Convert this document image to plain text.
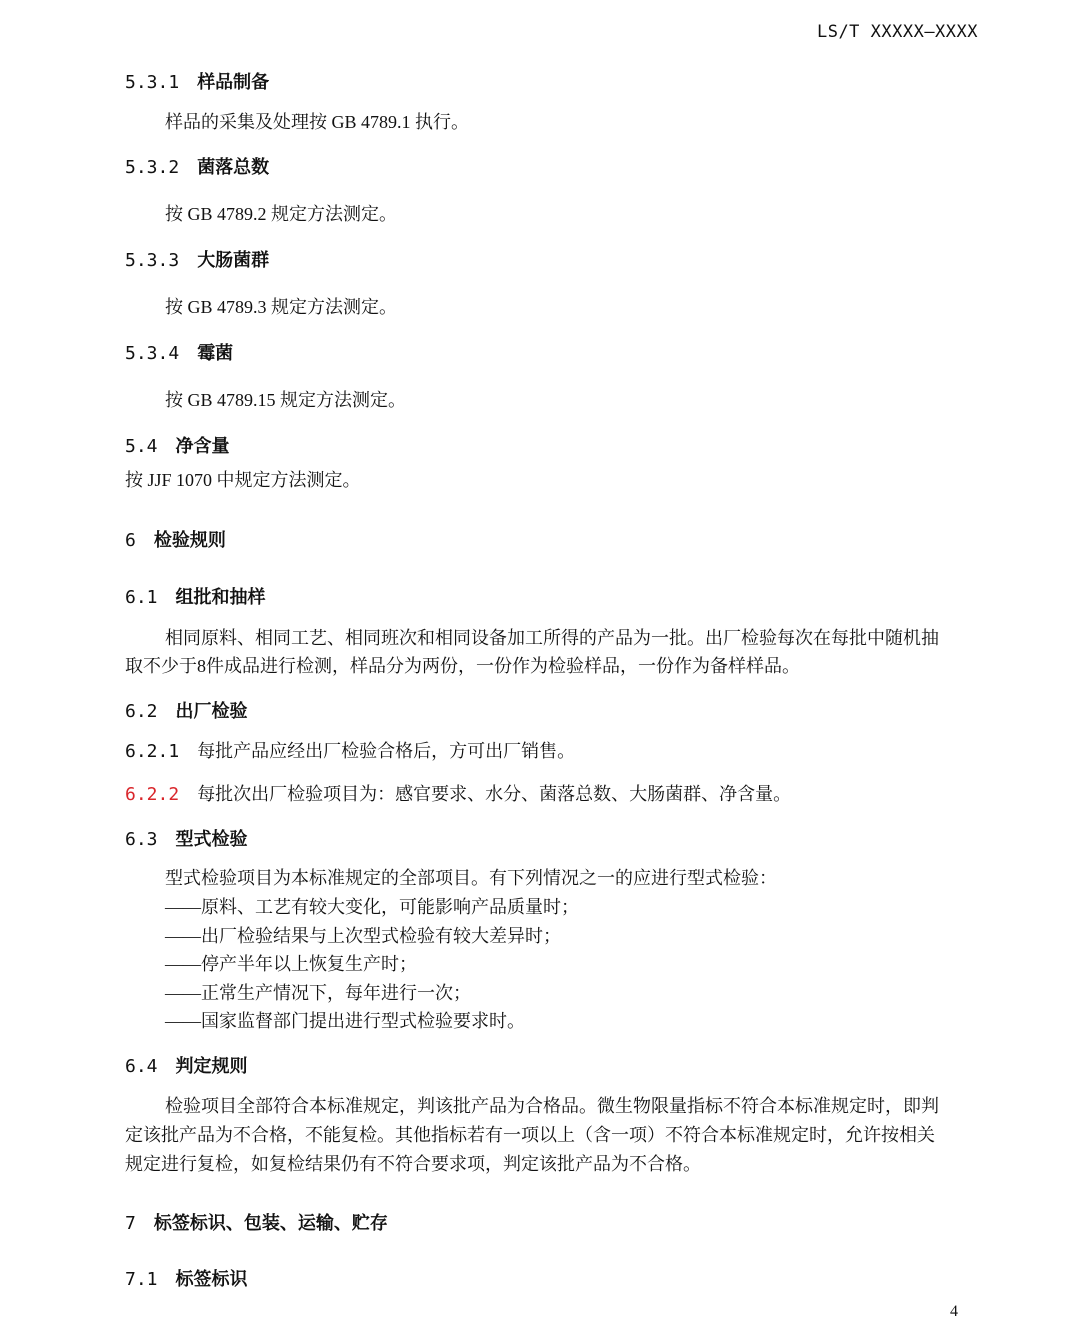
LS/T XXXXX—XXXX
5.3.1 样品制备
样品的采集及处理按 GB 4789.1 执行。
5.3.2 菌落总数
按 GB 4789.2 规定方法测定。
5.3.3 大肠菌群
按 GB 4789.3 规定方法测定。
5.3.4 霉菌
按 GB 4789.15 规定方法测定。
5.4 净含量
按 JJF 1070 中规定方法测定。
6 检验规则
6.1 组批和抽样
相同原料、相同工艺、相同班次和相同设备加工所得的产品为一批。出厂检验每次在每批中随机抽
取不少于8件成品进行检测，样品分为两份，一份作为检验样品，一份作为备样样品。
6.2 出厂检验
6.2.1 每批产品应经出厂检验合格后，方可出厂销售。
6.2.2 每批次出厂检验项目为：感官要求、水分、菌落总数、大肠菌群、净含量。
6.3 型式检验
型式检验项目为本标准规定的全部项目。有下列情况之一的应进行型式检验：
——原料、工艺有较大变化，可能影响产品质量时；
——出厂检验结果与上次型式检验有较大差异时；
——停产半年以上恢复生产时；
——正常生产情况下，每年进行一次；
——国家监督部门提出进行型式检验要求时。
6.4 判定规则
检验项目全部符合本标准规定，判该批产品为合格品。微生物限量指标不符合本标准规定时，即判
定该批产品为不合格，不能复检。其他指标若有一项以上（含一项）不符合本标准规定时，允许按相关
规定进行复检，如复检结果仍有不符合要求项，判定该批产品为不合格。
7 标签标识、包装、运输、贮存
7.1 标签标识
4
